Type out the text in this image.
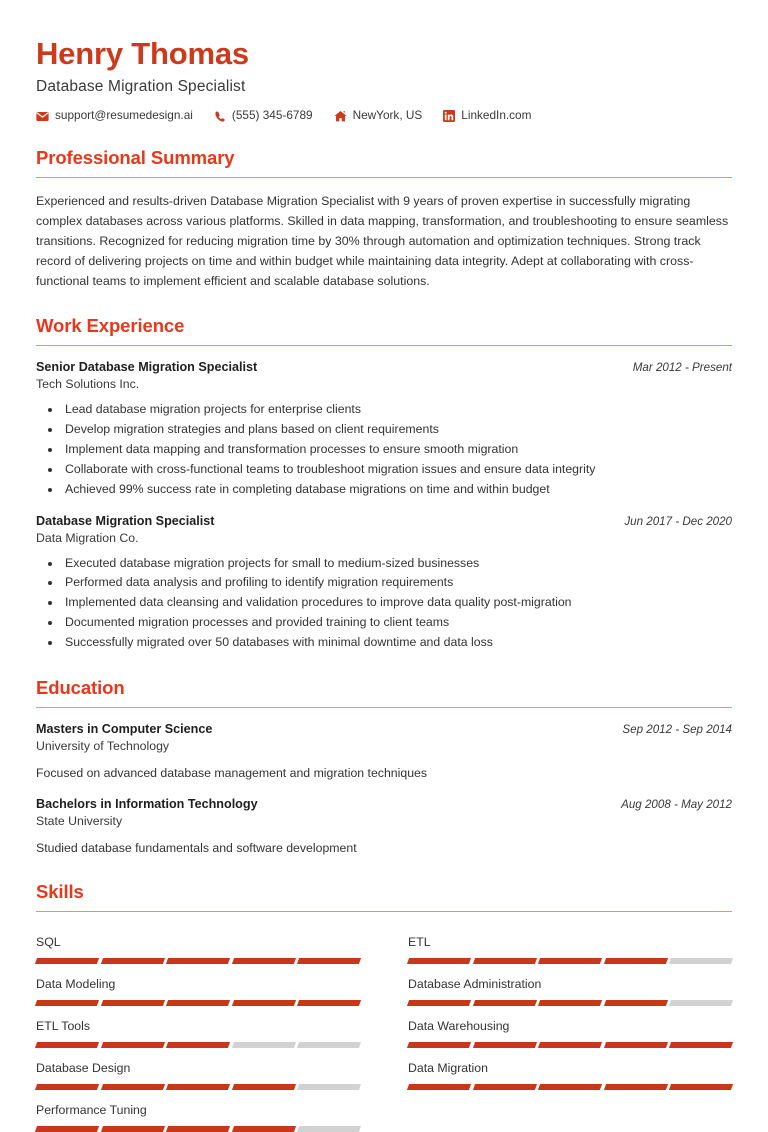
Henry Thomas
Database Migration Specialist
support@resumedesign.ai	(555) 345-6789	NewYork, US	LinkedIn.com
Professional Summary
Experienced and results-driven Database Migration Specialist with 9 years of proven expertise in successfully migrating complex databases across various platforms. Skilled in data mapping, transformation, and troubleshooting to ensure seamless transitions. Recognized for reducing migration time by 30% through automation and optimization techniques. Strong track record of delivering projects on time and within budget while maintaining data integrity. Adept at collaborating with cross-functional teams to implement efficient and scalable database solutions.
Work Experience
Senior Database Migration Specialist	Mar 2012 - Present
Tech Solutions Inc.
• Lead database migration projects for enterprise clients
• Develop migration strategies and plans based on client requirements
• Implement data mapping and transformation processes to ensure smooth migration
• Collaborate with cross-functional teams to troubleshoot migration issues and ensure data integrity
• Achieved 99% success rate in completing database migrations on time and within budget
Database Migration Specialist	Jun 2017 - Dec 2020
Data Migration Co.
• Executed database migration projects for small to medium-sized businesses
• Performed data analysis and profiling to identify migration requirements
• Implemented data cleansing and validation procedures to improve data quality post-migration
• Documented migration processes and provided training to client teams
• Successfully migrated over 50 databases with minimal downtime and data loss
Education
Masters in Computer Science	Sep 2012 - Sep 2014
University of Technology
Focused on advanced database management and migration techniques
Bachelors in Information Technology	Aug 2008 - May 2012
State University
Studied database fundamentals and software development
Skills
SQL	ETL
Data Modeling	Database Administration
ETL Tools	Data Warehousing
Database Design	Data Migration
Performance Tuning
